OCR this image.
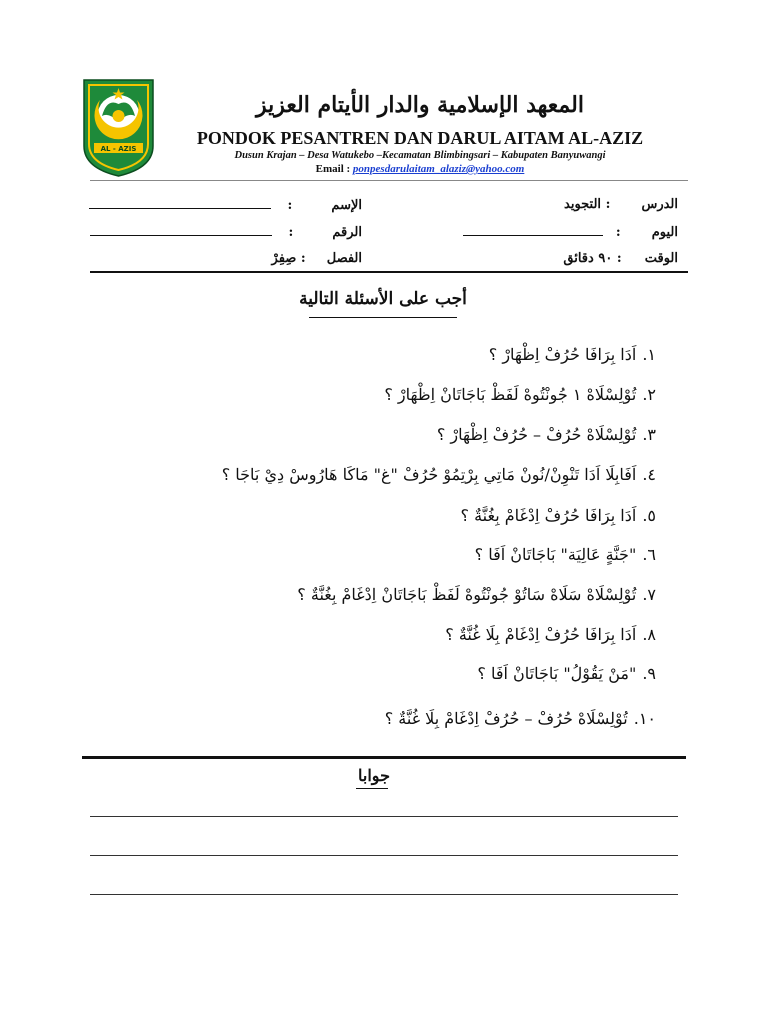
AL - AZIS
المعهد الإسلامية والدار الأيتام العزيز
PONDOK PESANTREN DAN DARUL AITAM AL-AZIZ
Dusun Krajan – Desa Watukebo –Kecamatan Blimbingsari – Kabupaten Banyuwangi
Email : ponpesdarulaitam_alaziz@yahoo.com
الدرس  : التجويد
اليوم  :
الوقت  : ٩٠ دقائق
الإسم  :
الرقم  :
الفصل  : صِفِرْ
أجب على الأسئلة التالية
١.اَدَا بِرَافَا حُرُفْ اِظْهَارْ ؟
٢.تُوْلِسْلَاهْ ١ جُونْتُوهْ لَفَظْ بَاجَاتَانْ اِظْهَارْ ؟
٣.تُوْلِسْلَاهْ حُرُفْ – حُرُفْ اِظْهَارْ ؟
٤.اَفَابِلَا اَدَا تَنْوِنْ/نُونْ مَاتِي بِرْتِمُوْ حُرُفْ "غ" مَاكَا هَارُوسْ دِيْ بَاجَا ؟
٥.اَدَا بِرَافَا حُرُفْ اِدْغَامْ بِغُنَّةٌ ؟
٦."جَنَّةٍ عَالِيَة" بَاجَاتَانْ اَفَا ؟
٧.تُوْلِسْلَاهْ سَلَاهْ سَاتُوْ جُونْتُوهْ لَفَظْ بَاجَاتَانْ اِدْغَامْ بِغُنَّةٌ ؟
٨.اَدَا بِرَافَا حُرُفْ اِدْغَامْ بِلَا غُنَّةٌ ؟
٩."مَنْ يَقُوْلُ" بَاجَاتَانْ اَفَا ؟
١٠.تُوْلِسْلَاهْ حُرُفْ – حُرُفْ اِدْغَامْ بِلَا غُنَّةٌ ؟
جوابا
